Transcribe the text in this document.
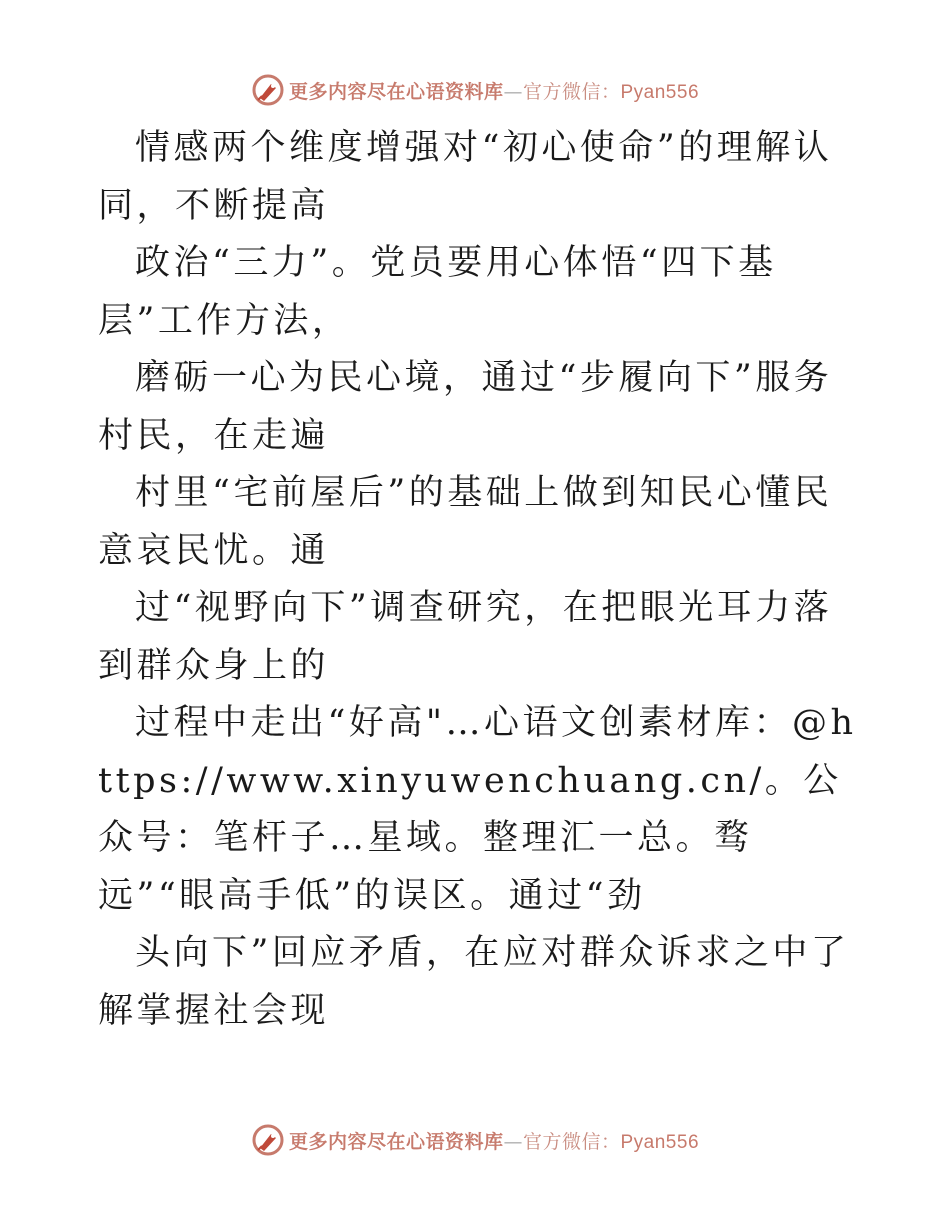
更多内容尽在心语资料库—官方微信：Pyan556

情感两个维度增强对“初心使命”的理解认同，不断提高

政治“三力”。党员要用心体悟“四下基层”工作方法，

磨砺一心为民心境，通过“步履向下”服务村民，在走遍

村里“宅前屋后”的基础上做到知民心懂民意哀民忧。通

过“视野向下”调查研究，在把眼光耳力落到群众身上的

过程中走出“好高"…心语文创素材库：@https://www.xinyuwenchuang.cn/。公众号：笔杆子…星域。整理汇一总。骛远”“眼高手低”的误区。通过“劲

头向下”回应矛盾，在应对群众诉求之中了解掌握社会现

更多内容尽在心语资料库—官方微信：Pyan556
